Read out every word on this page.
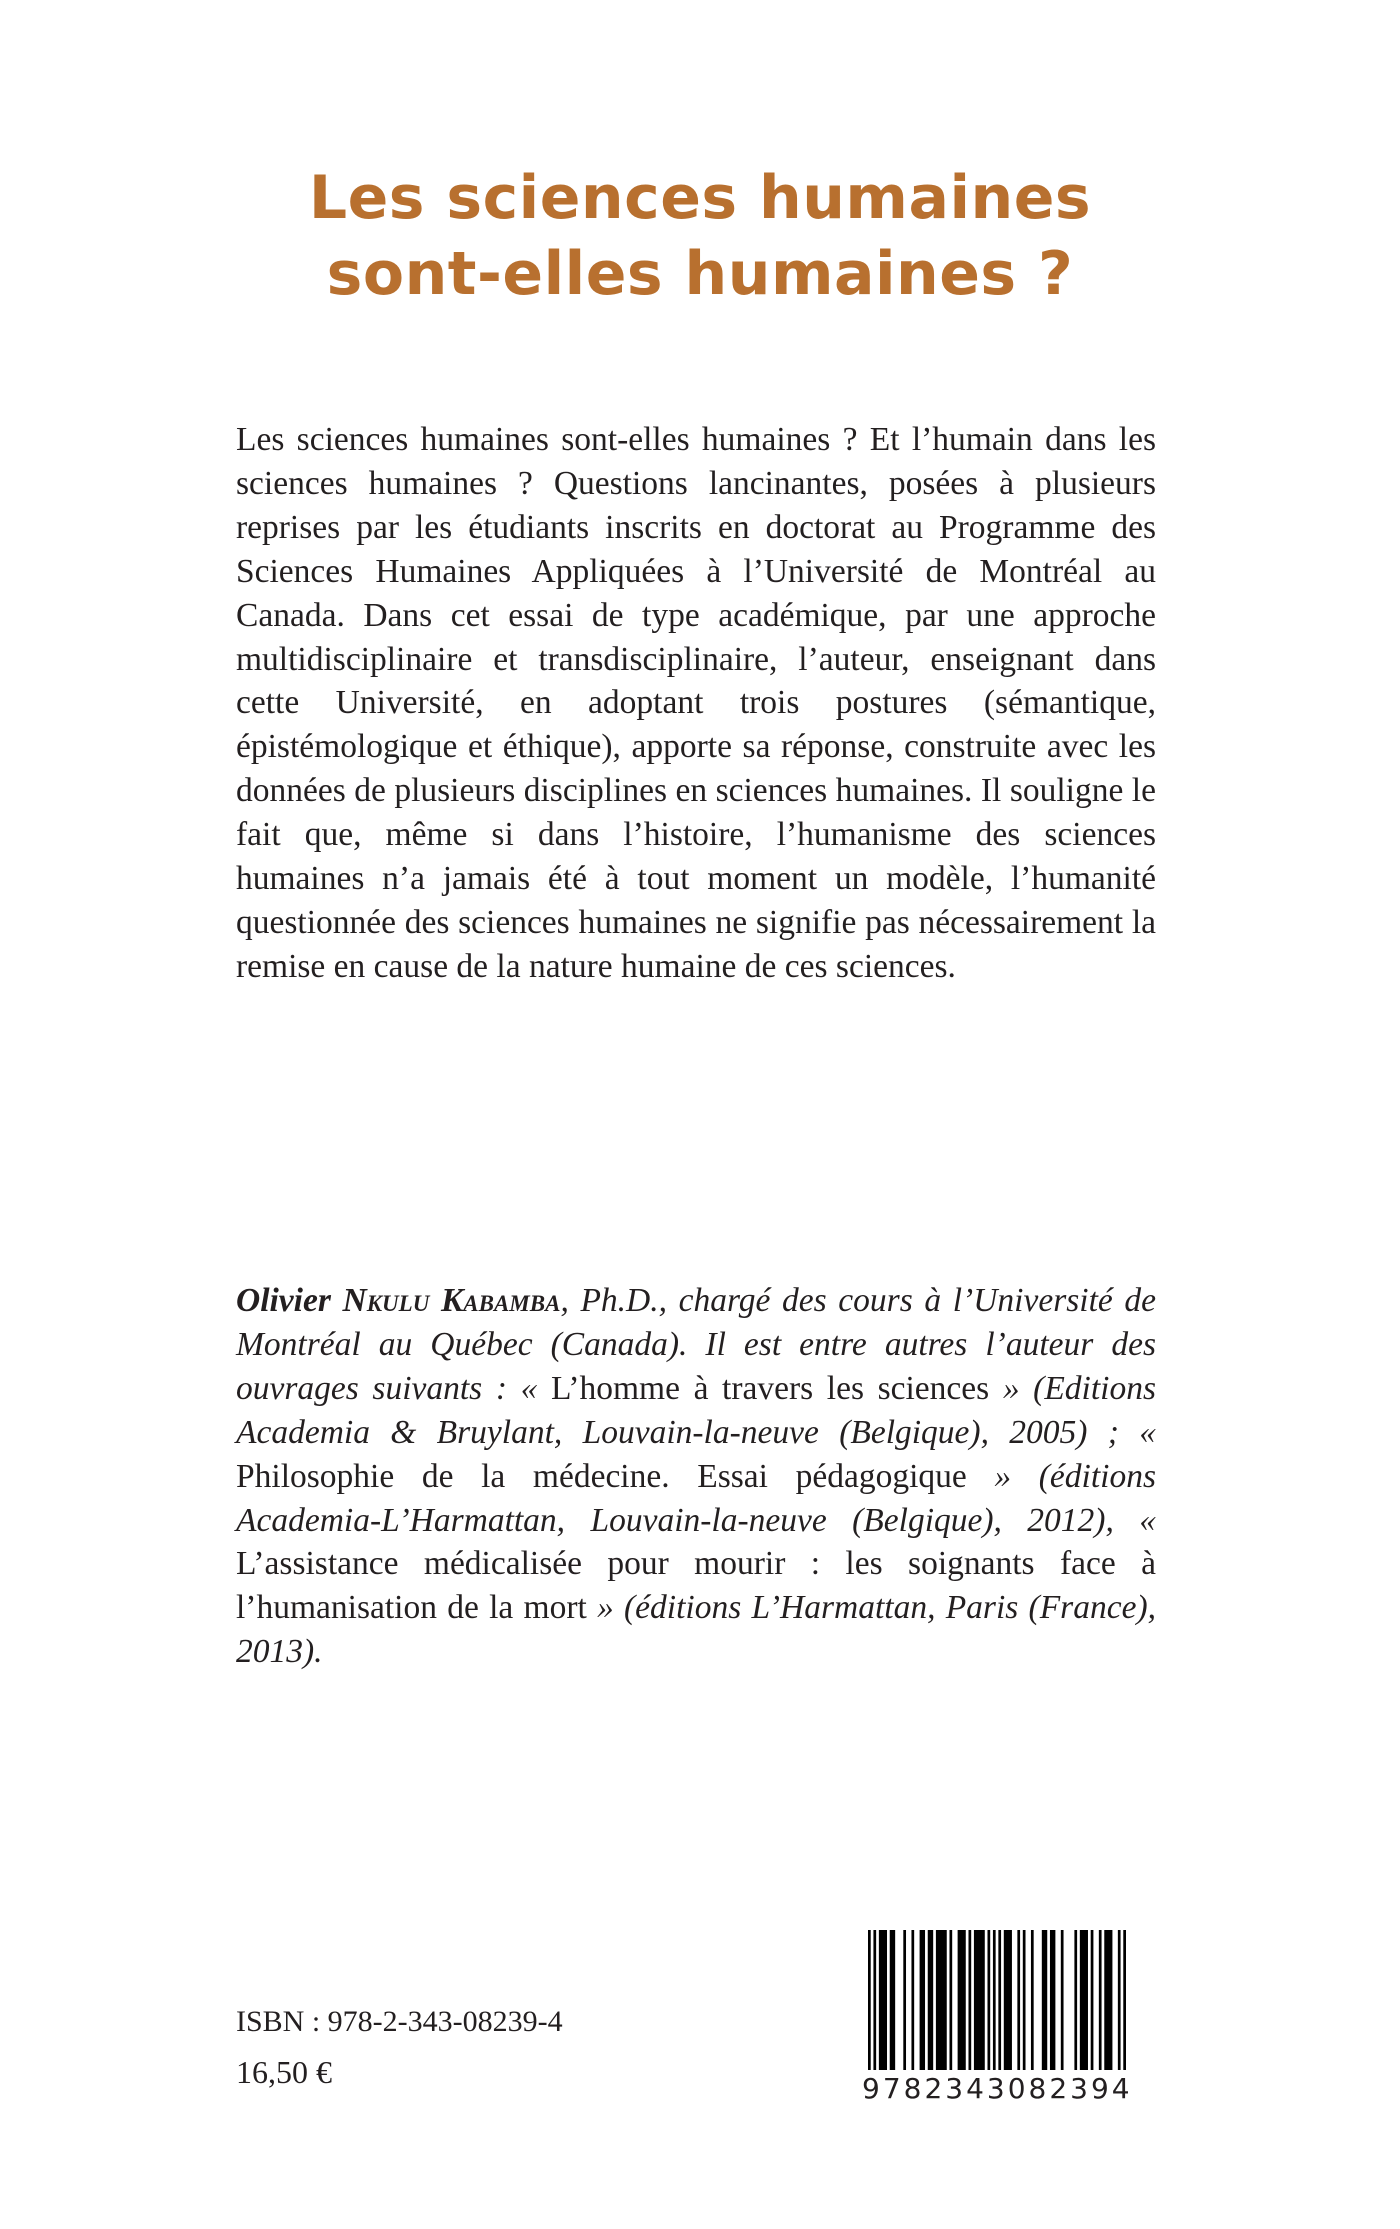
Les sciences humaines
sont-elles humaines ?

Les sciences humaines sont-elles humaines ? Et l’humain dans les sciences humaines ? Questions lancinantes, posées à plusieurs reprises par les étudiants inscrits en doctorat au Programme des Sciences Humaines Appliquées à l’Université de Montréal au Canada. Dans cet essai de type académique, par une approche multidisciplinaire et transdisciplinaire, l’auteur, enseignant dans cette Université, en adoptant trois postures (sémantique, épistémologique et éthique), apporte sa réponse, construite avec les données de plusieurs disciplines en sciences humaines. Il souligne le fait que, même si dans l’histoire, l’humanisme des sciences humaines n’a jamais été à tout moment un modèle, l’humanité questionnée des sciences humaines ne signifie pas nécessairement la remise en cause de la nature humaine de ces sciences.

Olivier Nkulu Kabamba, Ph.D., chargé des cours à l’Université de Montréal au Québec (Canada). Il est entre autres l’auteur des ouvrages suivants : « L’homme à travers les sciences » (Editions Academia & Bruylant, Louvain-la-neuve (Belgique), 2005) ; « Philosophie de la médecine. Essai pédagogique » (éditions Academia-L’Harmattan, Louvain-la-neuve (Belgique), 2012), « L’assistance médicalisée pour mourir : les soignants face à l’humanisation de la mort » (éditions L’Harmattan, Paris (France), 2013).

ISBN : 978-2-343-08239-4
16,50 €	9782343082394
